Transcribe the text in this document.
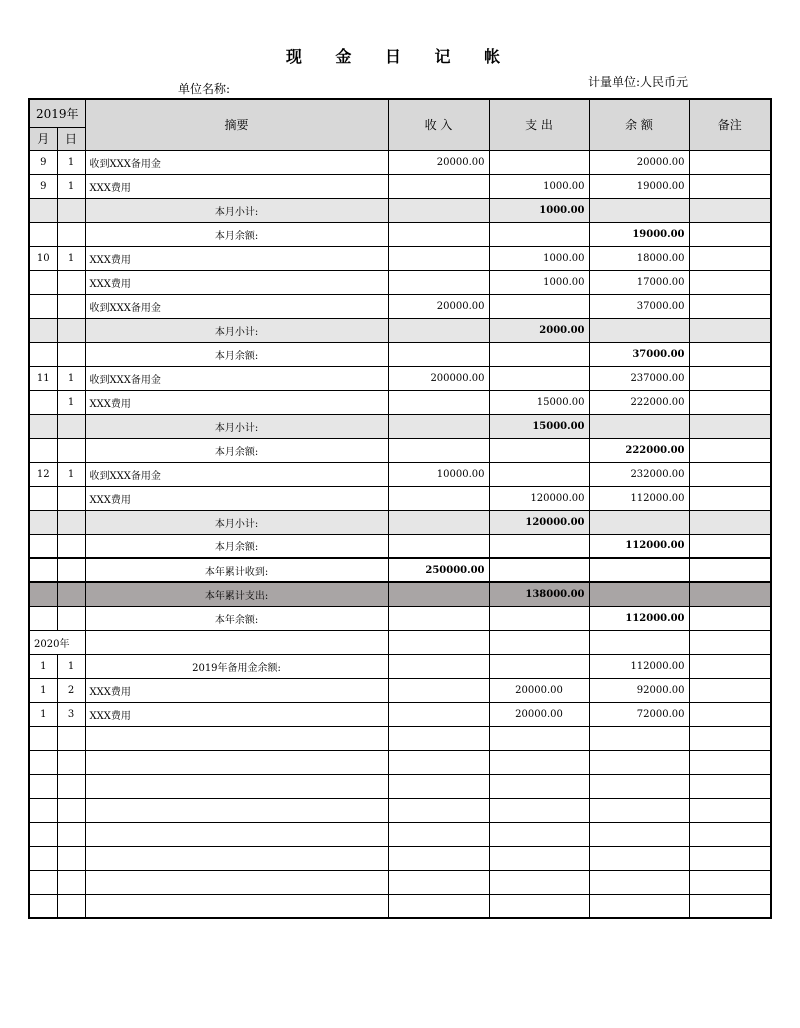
现 金 日 记 帐
单位名称:	计量单位:人民币元
2019年		摘要	收 入	支 出	余 额	备注
月	日					
9	1	收到XXX备用金	20000.00		20000.00	
9	1	XXX费用		1000.00	19000.00	
		本月小计:		1000.00		
		本月余额:			19000.00	
10	1	XXX费用		1000.00	18000.00	
		XXX费用		1000.00	17000.00	
		收到XXX备用金	20000.00		37000.00	
		本月小计:		2000.00		
		本月余额:			37000.00	
11	1	收到XXX备用金	200000.00		237000.00	
	1	XXX费用		15000.00	222000.00	
		本月小计:		15000.00		
		本月余额:			222000.00	
12	1	收到XXX备用金	10000.00		232000.00	
		XXX费用		120000.00	112000.00	
		本月小计:		120000.00		
		本月余额:			112000.00	
		本年累计收到:	250000.00			
		本年累计支出:		138000.00		
		本年余额:			112000.00	
2020年						
1	1	2019年备用金余额:			112000.00	
1	2	XXX费用		20000.00	92000.00	
1	3	XXX费用		20000.00	72000.00	
